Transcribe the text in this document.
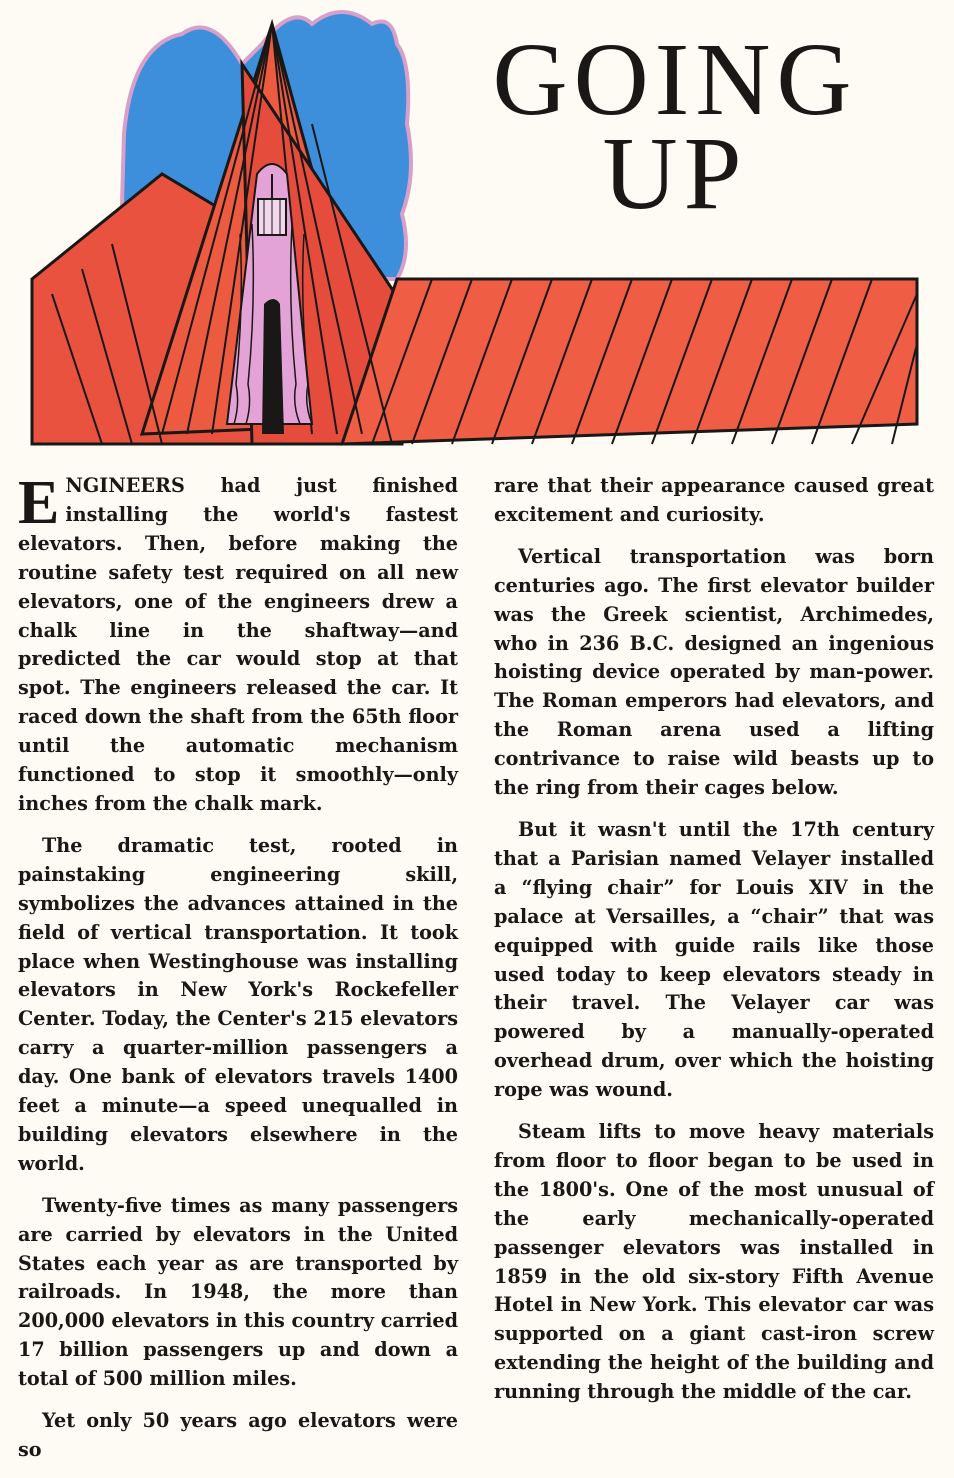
GOING
UP

ENGINEERS had just finished installing the world's fastest elevators. Then, before making the routine safety test required on all new elevators, one of the engineers drew a chalk line in the shaftway—and predicted the car would stop at that spot. The engineers released the car. It raced down the shaft from the 65th floor until the automatic mechanism functioned to stop it smoothly—only inches from the chalk mark.

The dramatic test, rooted in painstaking engineering skill, symbolizes the advances attained in the field of vertical transportation. It took place when Westinghouse was installing elevators in New York's Rockefeller Center. Today, the Center's 215 elevators carry a quarter-million passengers a day. One bank of elevators travels 1400 feet a minute—a speed unequalled in building elevators elsewhere in the world.

Twenty-five times as many passengers are carried by elevators in the United States each year as are transported by railroads. In 1948, the more than 200,000 elevators in this country carried 17 billion passengers up and down a total of 500 million miles.

Yet only 50 years ago elevators were so

rare that their appearance caused great excitement and curiosity.

Vertical transportation was born centuries ago. The first elevator builder was the Greek scientist, Archimedes, who in 236 B.C. designed an ingenious hoisting device operated by man-power. The Roman emperors had elevators, and the Roman arena used a lifting contrivance to raise wild beasts up to the ring from their cages below.

But it wasn't until the 17th century that a Parisian named Velayer installed a “flying chair” for Louis XIV in the palace at Versailles, a “chair” that was equipped with guide rails like those used today to keep elevators steady in their travel. The Velayer car was powered by a manually-operated overhead drum, over which the hoisting rope was wound.

Steam lifts to move heavy materials from floor to floor began to be used in the 1800's. One of the most unusual of the early mechanically-operated passenger elevators was installed in 1859 in the old six-story Fifth Avenue Hotel in New York. This elevator car was supported on a giant cast-iron screw extending the height of the building and running through the middle of the car.
